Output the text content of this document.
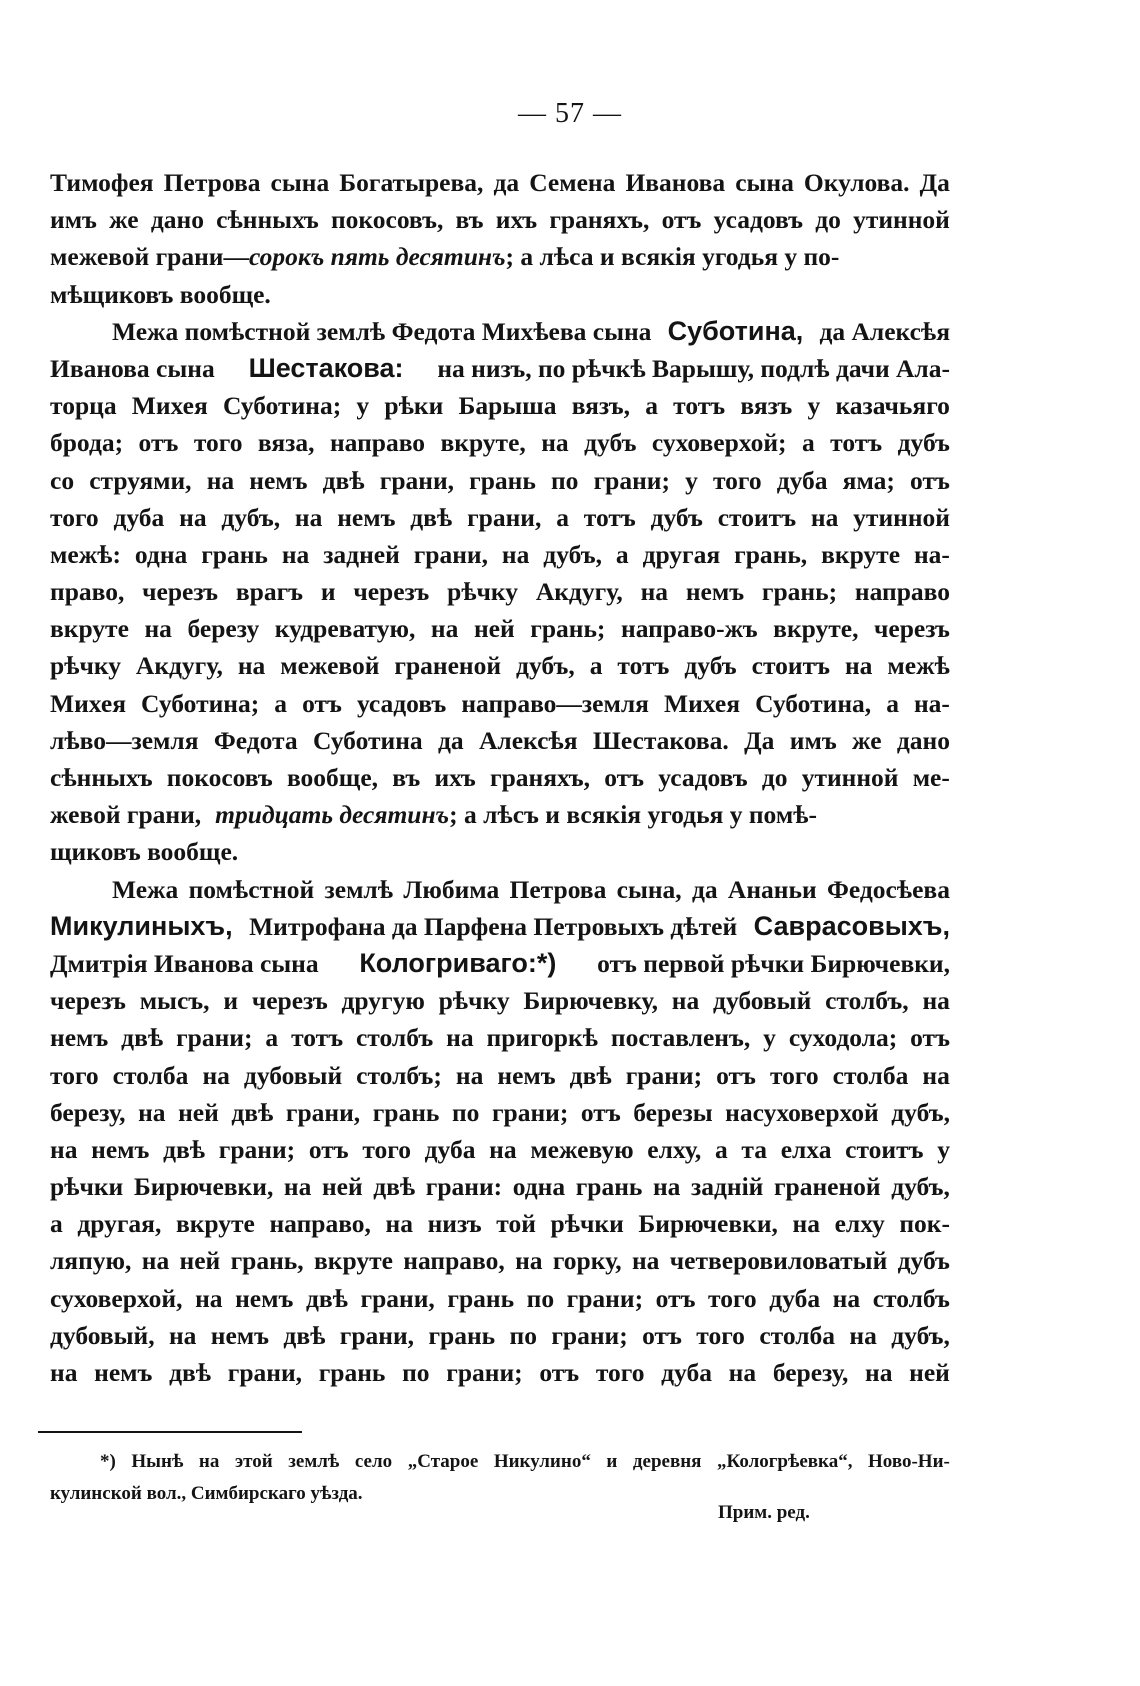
— 57 —
Тимофея Петрова сына Богатырева, да Семена Иванова сына Окулова. Да
имъ же дано сѣнныхъ покосовъ, въ ихъ граняхъ, отъ усадовъ до утинной
межевой грани— сорокъ пять десятинъ ; а лѣса и всякія угодья у по-
мѣщиковъ вообще.
Межа помѣстной землѣ Федота Михѣева сына Суботина, да Алексѣя
Иванова сына Шестакова: на низъ, по рѣчкѣ Варышу, подлѣ дачи Ала-
торца Михея Суботина; у рѣки Барыша вязъ, а тотъ вязъ у казачьяго
брода; отъ того вяза, направо вкруте, на дубъ суховерхой; а тотъ дубъ
со струями, на немъ двѣ грани, грань по грани; у того дуба яма; отъ
того дуба на дубъ, на немъ двѣ грани, а тотъ дубъ стоитъ на утинной
межѣ: одна грань на задней грани, на дубъ, а другая грань, вкруте на-
право, черезъ врагъ и черезъ рѣчку Акдугу, на немъ грань; направо
вкруте на березу кудреватую, на ней грань; направо-жъ вкруте, черезъ
рѣчку Акдугу, на межевой граненой дубъ, а тотъ дубъ стоитъ на межѣ
Михея Суботина; а отъ усадовъ направо—земля Михея Суботина, а на-
лѣво—земля Федота Суботина да Алексѣя Шестакова. Да имъ же дано
сѣнныхъ покосовъ вообще, въ ихъ граняхъ, отъ усадовъ до утинной ме-
жевой грани, тридцать десятинъ ; а лѣсъ и всякія угодья у помѣ-
щиковъ вообще.
Межа помѣстной землѣ Любима Петрова сына, да Ананьи Федосѣева
Микулиныхъ, Митрофана да Парфена Петровыхъ дѣтей Саврасовыхъ,
Дмитрія Иванова сына Кологриваго:*) отъ первой рѣчки Бирючевки,
черезъ мысъ, и черезъ другую рѣчку Бирючевку, на дубовый столбъ, на
немъ двѣ грани; а тотъ столбъ на пригоркѣ поставленъ, у суходола; отъ
того столба на дубовый столбъ; на немъ двѣ грани; отъ того столба на
березу, на ней двѣ грани, грань по грани; отъ березы насуховерхой дубъ,
на немъ двѣ грани; отъ того дуба на межевую елху, а та елха стоитъ у
рѣчки Бирючевки, на ней двѣ грани: одна грань на задній граненой дубъ,
а другая, вкруте направо, на низъ той рѣчки Бирючевки, на елху пок-
ляпую, на ней грань, вкруте направо, на горку, на четверовиловатый дубъ
суховерхой, на немъ двѣ грани, грань по грани; отъ того дуба на столбъ
дубовый, на немъ двѣ грани, грань по грани; отъ того столба на дубъ,
на немъ двѣ грани, грань по грани; отъ того дуба на березу, на ней
*) Нынѣ на этой землѣ село „Старое Никулино“ и деревня „Кологрѣевка“, Ново-Ни-
кулинской вол., Симбирскаго уѣзда.
Прим. ред.
